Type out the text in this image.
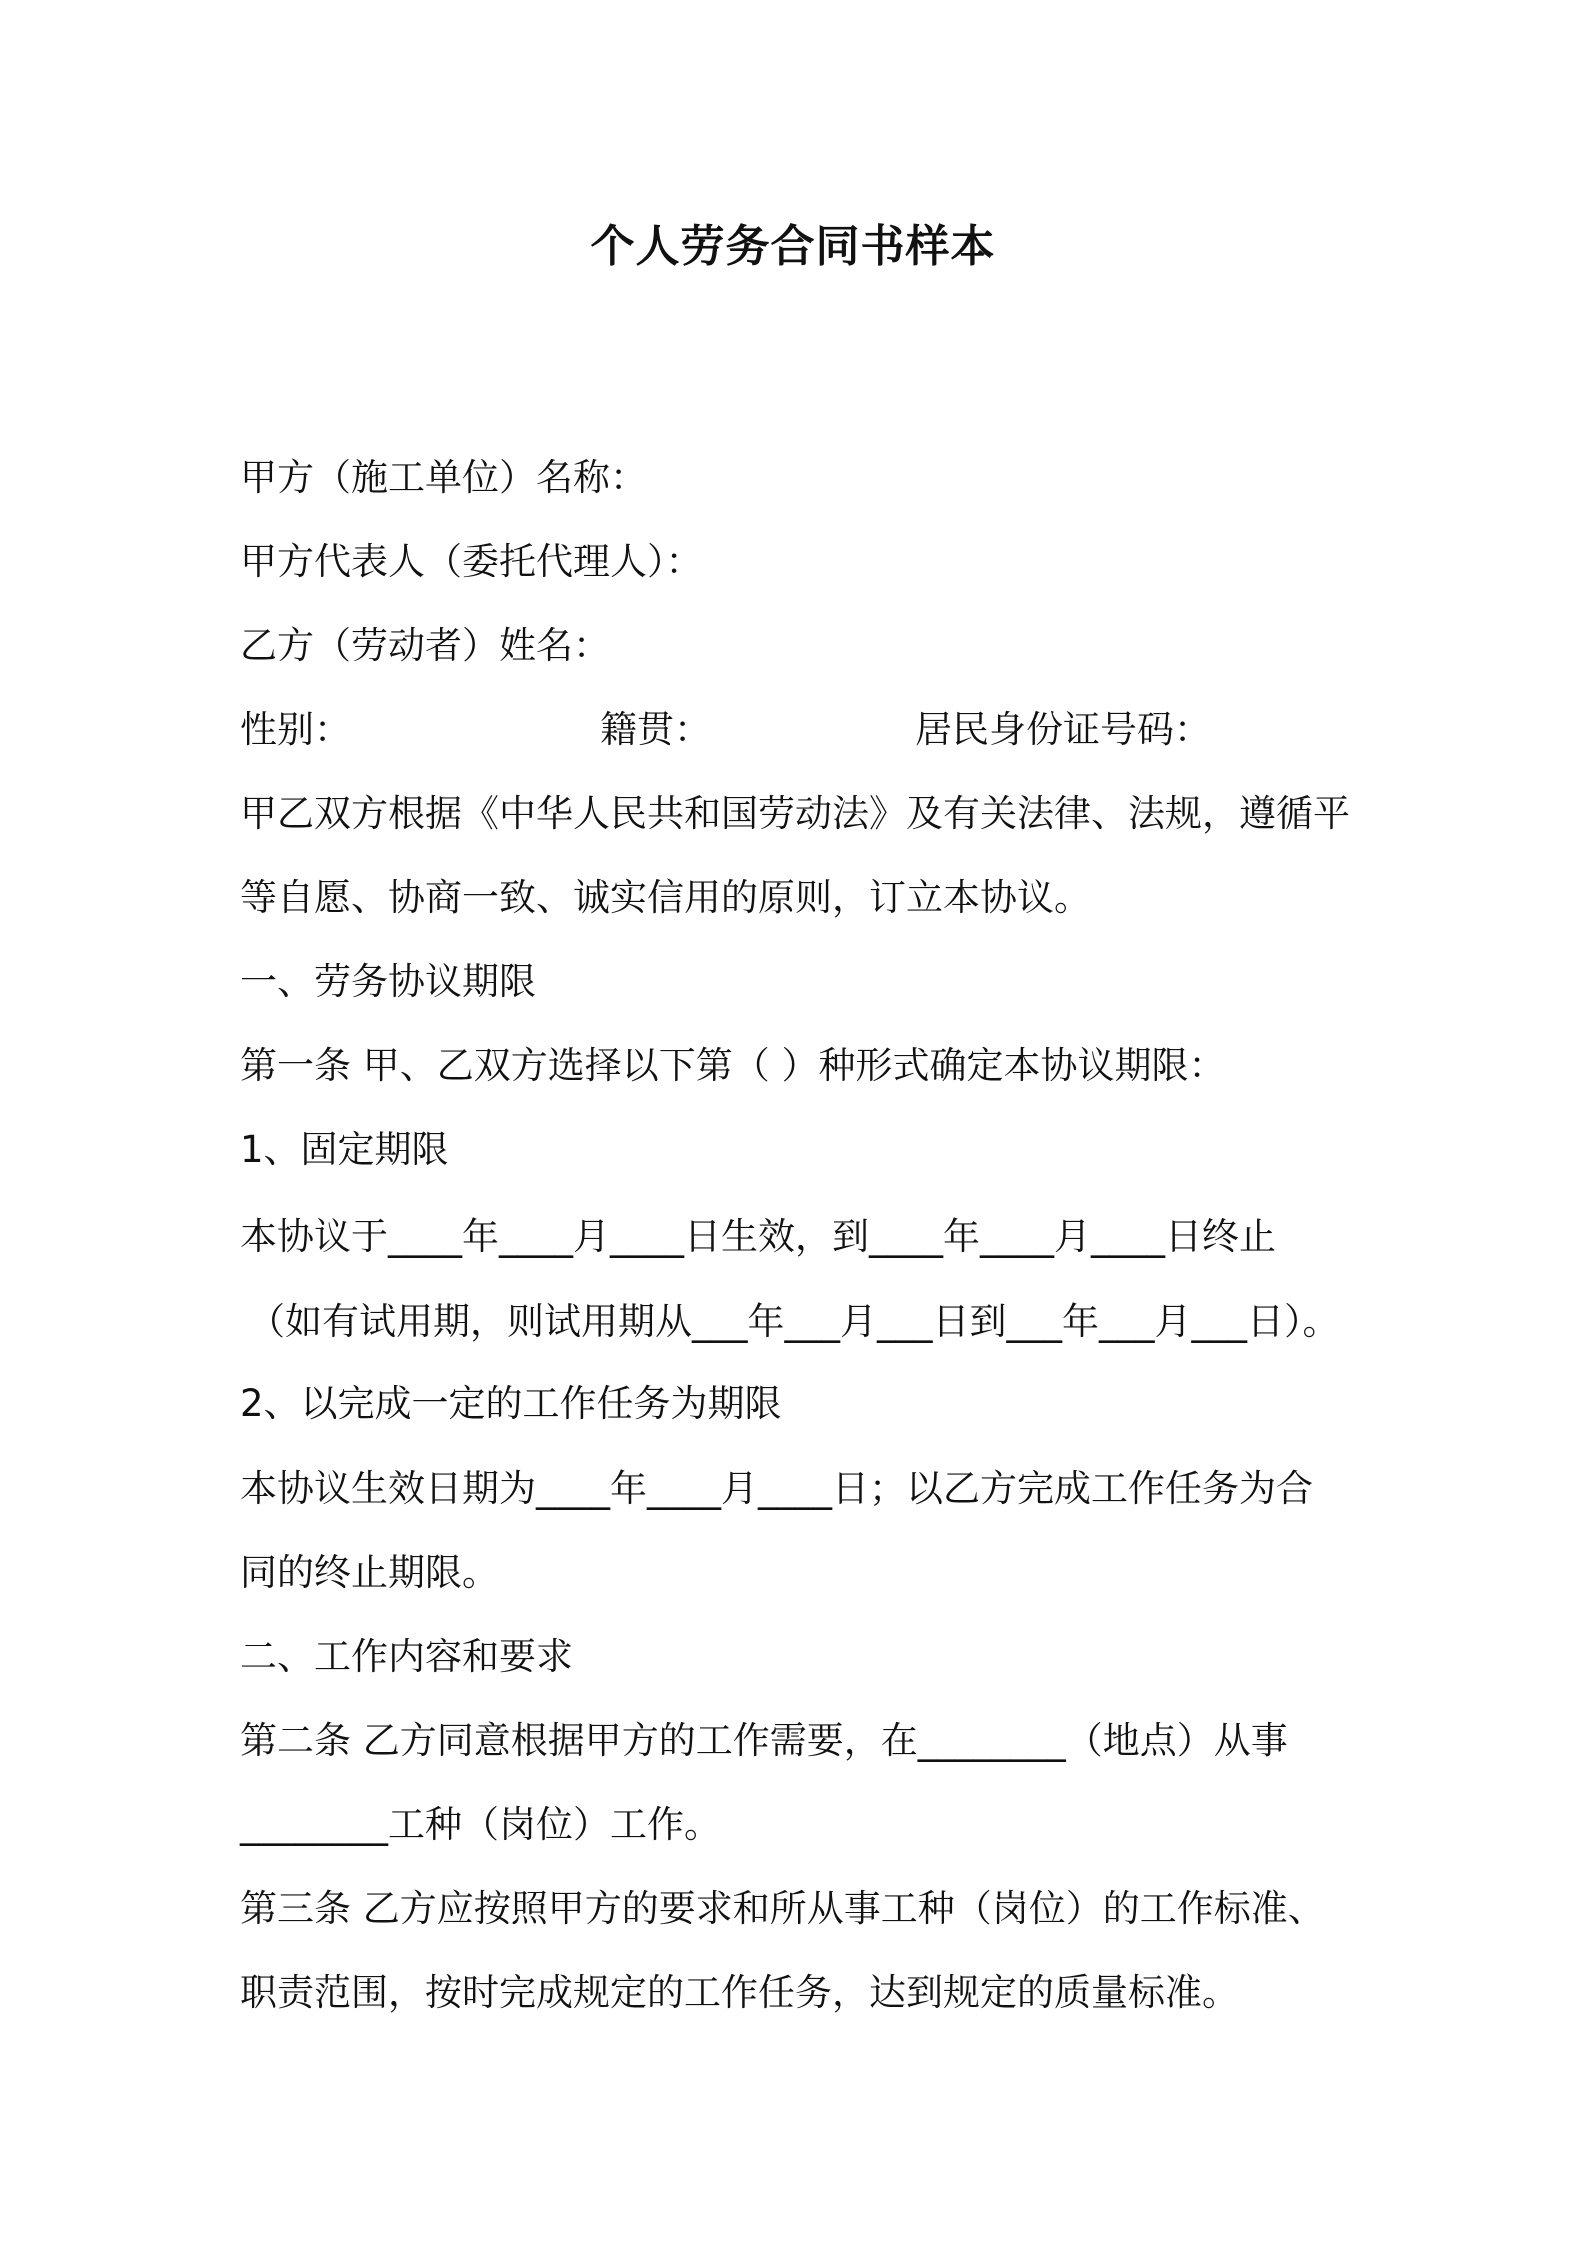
个人劳务合同书样本
甲方（施工单位）名称：
甲方代表人（委托代理人）：
乙方（劳动者）姓名：
性别：	籍贯：	居民身份证号码：
甲乙双方根据《中华人民共和国劳动法》及有关法律、法规，遵循平
等自愿、协商一致、诚实信用的原则，订立本协议。
一、劳务协议期限
第一条 甲、乙双方选择以下第（ ）种形式确定本协议期限：
1、固定期限
本协议于____年____月____日生效，到____年____月____日终止
（如有试用期，则试用期从___年___月___日到___年___月___日）。
2、以完成一定的工作任务为期限
本协议生效日期为____年____月____日；以乙方完成工作任务为合
同的终止期限。
二、工作内容和要求
第二条 乙方同意根据甲方的工作需要，在________（地点）从事
________工种（岗位）工作。
第三条 乙方应按照甲方的要求和所从事工种（岗位）的工作标准、
职责范围，按时完成规定的工作任务，达到规定的质量标准。
